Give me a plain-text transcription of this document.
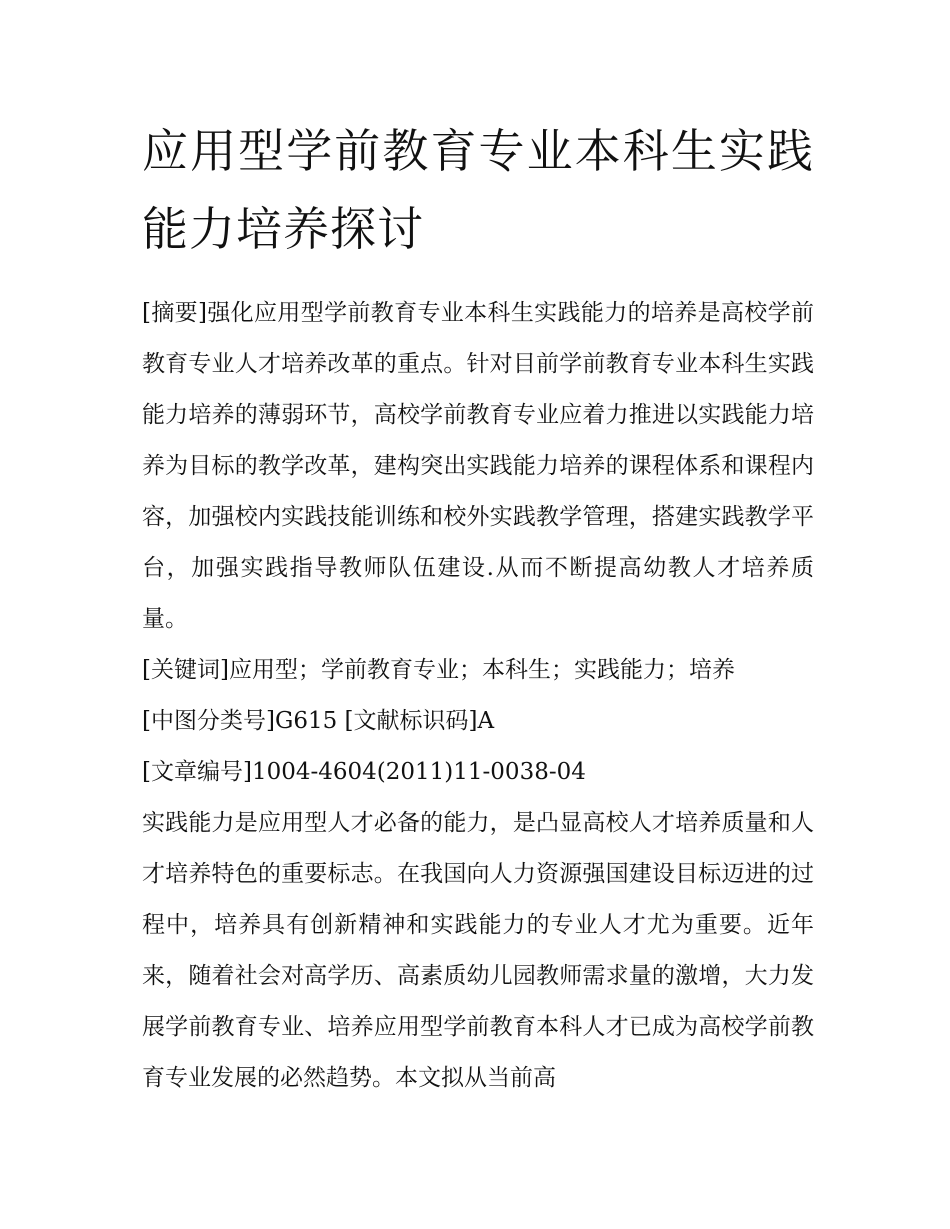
应用型学前教育专业本科生实践能力培养探讨

[摘要]强化应用型学前教育专业本科生实践能力的培养是高校学前教育专业人才培养改革的重点。针对目前学前教育专业本科生实践能力培养的薄弱环节，高校学前教育专业应着力推进以实践能力培养为目标的教学改革，建构突出实践能力培养的课程体系和课程内容，加强校内实践技能训练和校外实践教学管理，搭建实践教学平台，加强实践指导教师队伍建设.从而不断提高幼教人才培养质量。

[关键词]应用型；学前教育专业；本科生；实践能力；培养

[中图分类号]G615 [文献标识码]A

[文章编号]1004-4604(2011)11-0038-04

实践能力是应用型人才必备的能力，是凸显高校人才培养质量和人才培养特色的重要标志。在我国向人力资源强国建设目标迈进的过程中，培养具有创新精神和实践能力的专业人才尤为重要。近年来，随着社会对高学历、高素质幼儿园教师需求量的激增，大力发展学前教育专业、培养应用型学前教育本科人才已成为高校学前教育专业发展的必然趋势。本文拟从当前高
